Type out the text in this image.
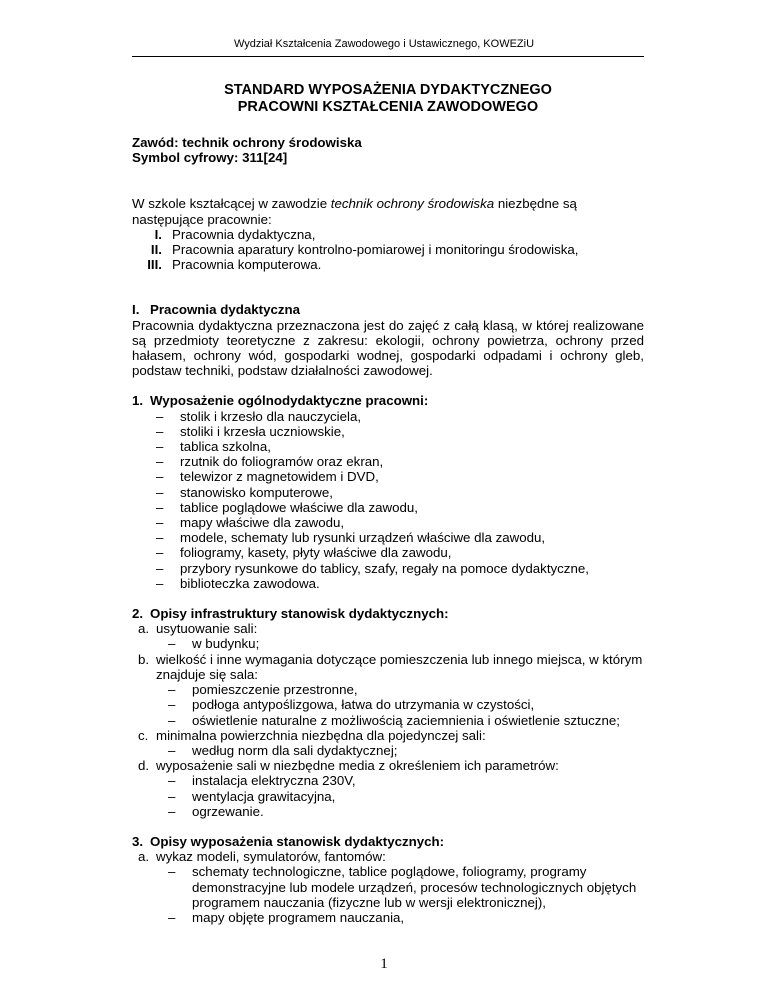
Wydział Kształcenia Zawodowego i Ustawicznego, KOWEZiU
STANDARD WYPOSAŻENIA DYDAKTYCZNEGO
PRACOWNI KSZTAŁCENIA ZAWODOWEGO
Zawód: technik ochrony środowiska
Symbol cyfrowy: 311[24]

W szkole kształcącej w zawodzie technik ochrony środowiska niezbędne są następujące pracownie:

I. Pracownia dydaktyczna,
II. Pracownia aparatury kontrolno-pomiarowej i monitoringu środowiska,
III. Pracownia komputerowa.
I. Pracownia dydaktyczna

Pracownia dydaktyczna przeznaczona jest do zajęć z całą klasą, w której realizowane są przedmioty teoretyczne z zakresu: ekologii, ochrony powietrza, ochrony przed hałasem, ochrony wód, gospodarki wodnej, gospodarki odpadami i ochrony gleb, podstaw techniki, podstaw działalności zawodowej.

1. Wyposażenie ogólnodydaktyczne pracowni:
–	stolik i krzesło dla nauczyciela,
–	stoliki i krzesła uczniowskie,
–	tablica szkolna,
–	rzutnik do foliogramów oraz ekran,
–	telewizor z magnetowidem i DVD,
–	stanowisko komputerowe,
–	tablice poglądowe właściwe dla zawodu,
–	mapy właściwe dla zawodu,
–	modele, schematy lub rysunki urządzeń właściwe dla zawodu,
–	foliogramy, kasety, płyty właściwe dla zawodu,
–	przybory rysunkowe do tablicy, szafy, regały na pomoce dydaktyczne,
–	biblioteczka zawodowa.
2. Opisy infrastruktury stanowisk dydaktycznych:
a. usytuowanie sali:
–	w budynku;
b. wielkość i inne wymagania dotyczące pomieszczenia lub innego miejsca, w którym znajduje się sala:
–	pomieszczenie przestronne,
–	podłoga antypoślizgowa, łatwa do utrzymania w czystości,
–	oświetlenie naturalne z możliwością zaciemnienia i oświetlenie sztuczne;
c. minimalna powierzchnia niezbędna dla pojedynczej sali:
–	według norm dla sali dydaktycznej;
d. wyposażenie sali w niezbędne media z określeniem ich parametrów:
–	instalacja elektryczna 230V,
–	wentylacja grawitacyjna,
–	ogrzewanie.
3. Opisy wyposażenia stanowisk dydaktycznych:
a. wykaz modeli, symulatorów, fantomów:
–	schematy technologiczne, tablice poglądowe, foliogramy, programy demonstracyjne lub modele urządzeń, procesów technologicznych objętych programem nauczania (fizyczne lub w wersji elektronicznej),
–	mapy objęte programem nauczania,
1
